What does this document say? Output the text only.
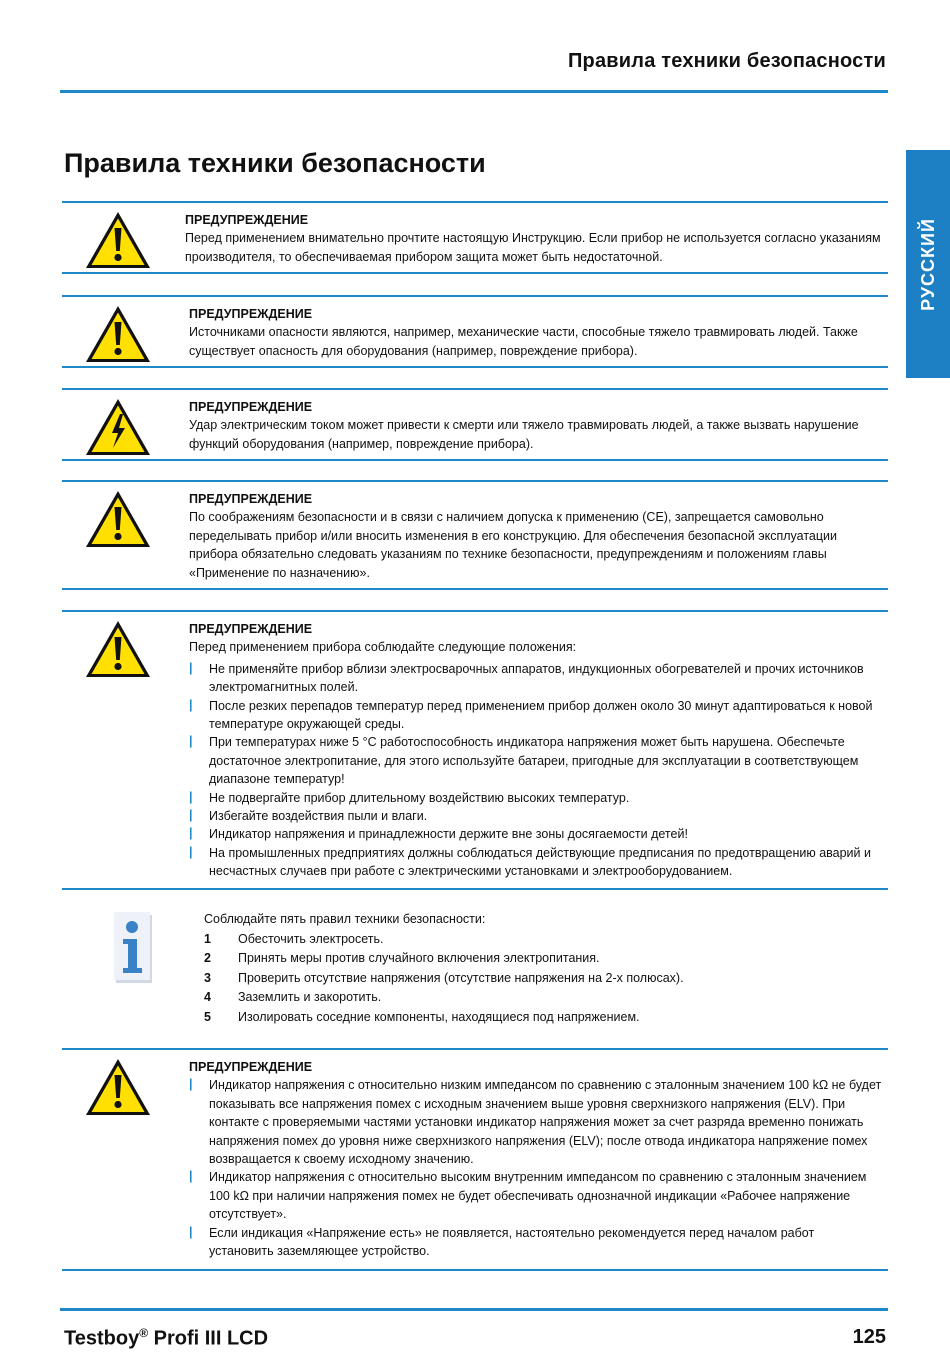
Правила техники безопасности
РУССКИЙ
Правила техники безопасности
ПРЕДУПРЕЖДЕНИЕ
Перед применением внимательно прочтите настоящую Инструкцию. Если прибор не используется согласно указаниям производителя, то обеспечиваемая прибором защита может быть недостаточной.
ПРЕДУПРЕЖДЕНИЕ
Источниками опасности являются, например, механические части, способные тяжело травмировать людей. Также существует опасность для оборудования (например, повреждение прибора).
ПРЕДУПРЕЖДЕНИЕ
Удар электрическим током может привести к смерти или тяжело травмировать людей, а также вызвать нарушение функций оборудования (например, повреждение прибора).
ПРЕДУПРЕЖДЕНИЕ
По соображениям безопасности и в связи с наличием допуска к применению (CE), запрещается самовольно переделывать прибор и/или вносить изменения в его конструкцию. Для обеспечения безопасной эксплуатации прибора обязательно следовать указаниям по технике безопасности, предупреждениям и положениям главы «Применение по назначению».
ПРЕДУПРЕЖДЕНИЕ
Перед применением прибора соблюдайте следующие положения:
| Не применяйте прибор вблизи электросварочных аппаратов, индукционных обогревателей и прочих источников электромагнитных полей.
| После резких перепадов температур перед применением прибор должен около 30 минут адаптироваться к новой температуре окружающей среды.
| При температурах ниже 5 °C работоспособность индикатора напряжения может быть нарушена. Обеспечьте достаточное электропитание, для этого используйте батареи, пригодные для эксплуатации в соответствующем диапазоне температур!
| Не подвергайте прибор длительному воздействию высоких температур.
| Избегайте воздействия пыли и влаги.
| Индикатор напряжения и принадлежности держите вне зоны досягаемости детей!
| На промышленных предприятиях должны соблюдаться действующие предписания по предотвращению аварий и несчастных случаев при работе с электрическими установками и электрооборудованием.
Соблюдайте пять правил техники безопасности:
1	Обесточить электросеть.
2	Принять меры против случайного включения электропитания.
3	Проверить отсутствие напряжения (отсутствие напряжения на 2-х полюсах).
4	Заземлить и закоротить.
5	Изолировать соседние компоненты, находящиеся под напряжением.
ПРЕДУПРЕЖДЕНИЕ
| Индикатор напряжения с относительно низким импедансом по сравнению с эталонным значением 100 kΩ не будет показывать все напряжения помех с исходным значением выше уровня сверхнизкого напряжения (ELV). При контакте с проверяемыми частями установки индикатор напряжения может за счет разряда временно понижать напряжения помех до уровня ниже сверхнизкого напряжения (ELV); после отвода индикатора напряжение помех возвращается к своему исходному значению.
| Индикатор напряжения с относительно высоким внутренним импедансом по сравнению с эталонным значением 100 kΩ при наличии напряжения помех не будет обеспечивать однозначной индикации «Рабочее напряжение отсутствует».
| Если индикация «Напряжение есть» не появляется, настоятельно рекомендуется перед началом работ установить заземляющее устройство.
Testboy® Profi III LCD	125
